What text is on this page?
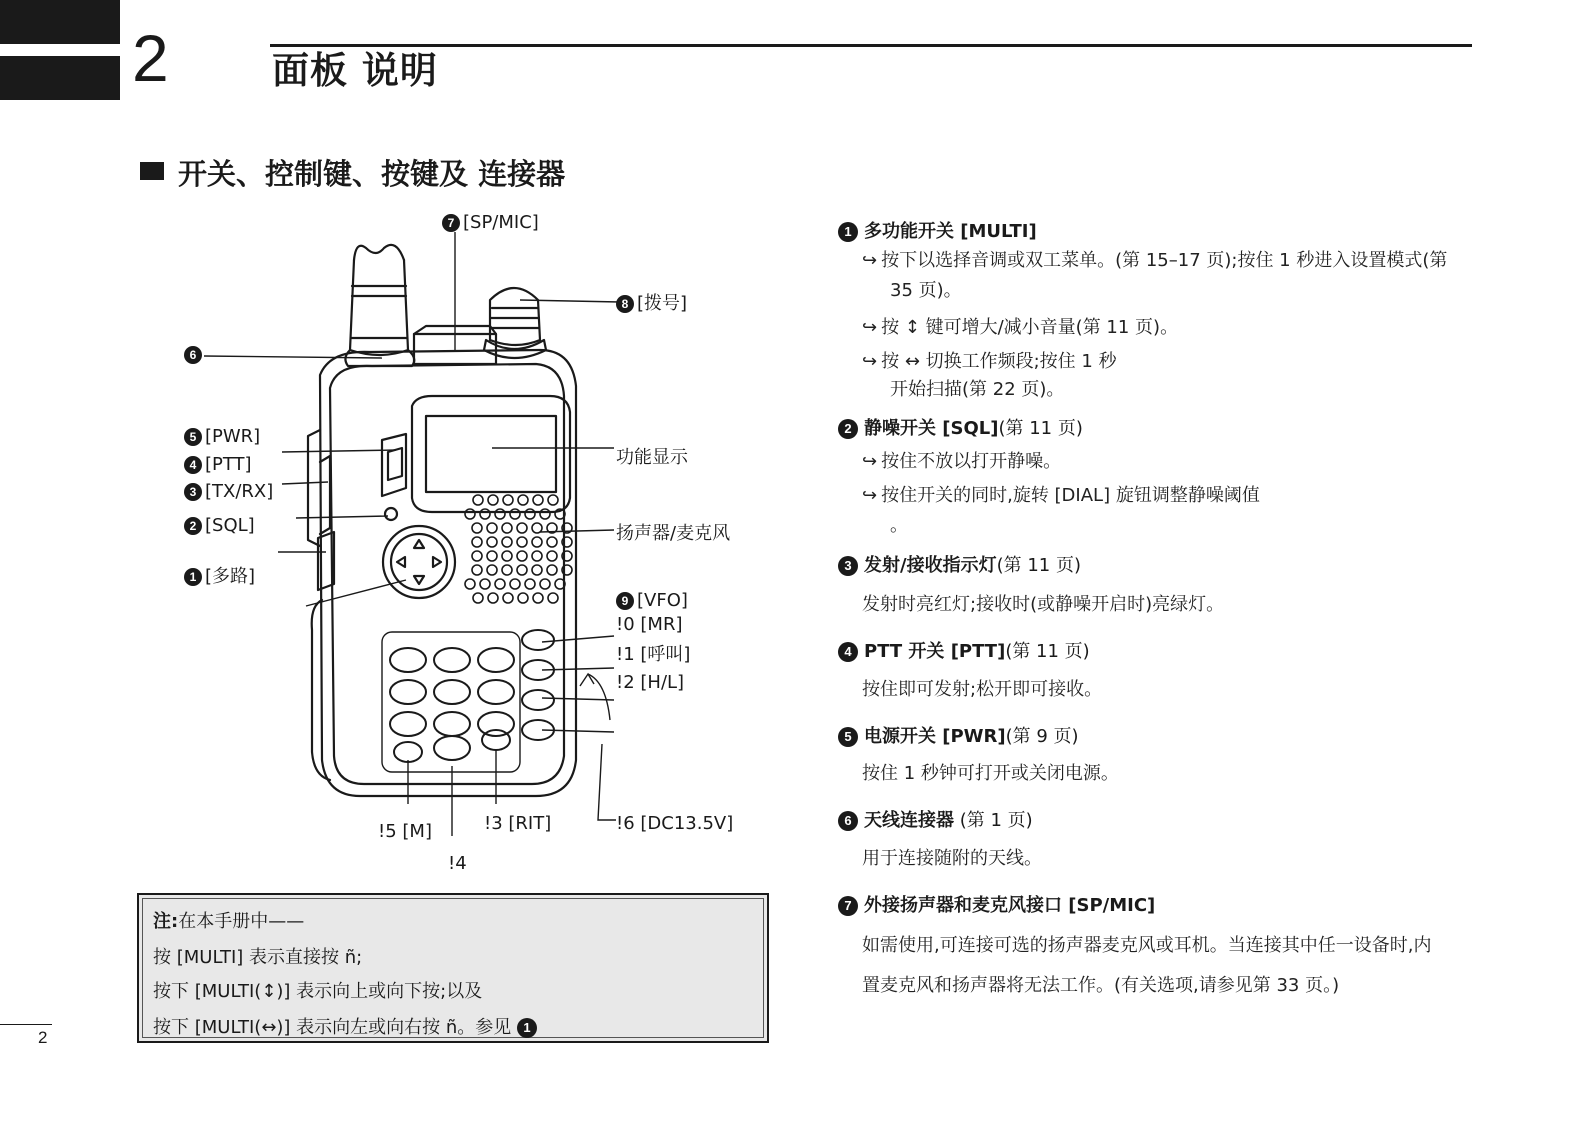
2	面板 说明
开关、控制键、按键及 连接器
7 [SP/MIC]
8 [拨号]
6
5 [PWR]
4 [PTT]
3 [TX/RX]
2 [SQL]
1 [多路]
功能显示
扬声器/麦克风
9 [VFO]
!0 [MR]
!1 [呼叫]
!2 [H/L]
!3 [RIT]
!5 [M]
!4
!6 [DC13.5V]
注:在本手册中——
按 [MULTI] 表示直接按 ñ;
按下 [MULTI(↕)] 表示向上或向下按;以及
按下 [MULTI(↔)] 表示向左或向右按 ñ。参见 1
1 多功能开关 [MULTI]
↪ 按下以选择音调或双工菜单。(第 15–17 页);按住 1 秒进入设置模式(第
35 页)。
↪ 按 ↕ 键可增大/减小音量(第 11 页)。
↪ 按 ↔ 切换工作频段;按住 1 秒
开始扫描(第 22 页)。
2 静噪开关 [SQL](第 11 页)
↪ 按住不放以打开静噪。
↪ 按住开关的同时,旋转 [DIAL] 旋钮调整静噪阈值
。
3 发射/接收指示灯(第 11 页)
发射时亮红灯;接收时(或静噪开启时)亮绿灯。
4 PTT 开关 [PTT](第 11 页)
按住即可发射;松开即可接收。
5 电源开关 [PWR](第 9 页)
按住 1 秒钟可打开或关闭电源。
6 天线连接器 (第 1 页)
用于连接随附的天线。
7 外接扬声器和麦克风接口 [SP/MIC]
如需使用,可连接可选的扬声器麦克风或耳机。当连接其中任一设备时,内
置麦克风和扬声器将无法工作。(有关选项,请参见第 33 页。)
2
